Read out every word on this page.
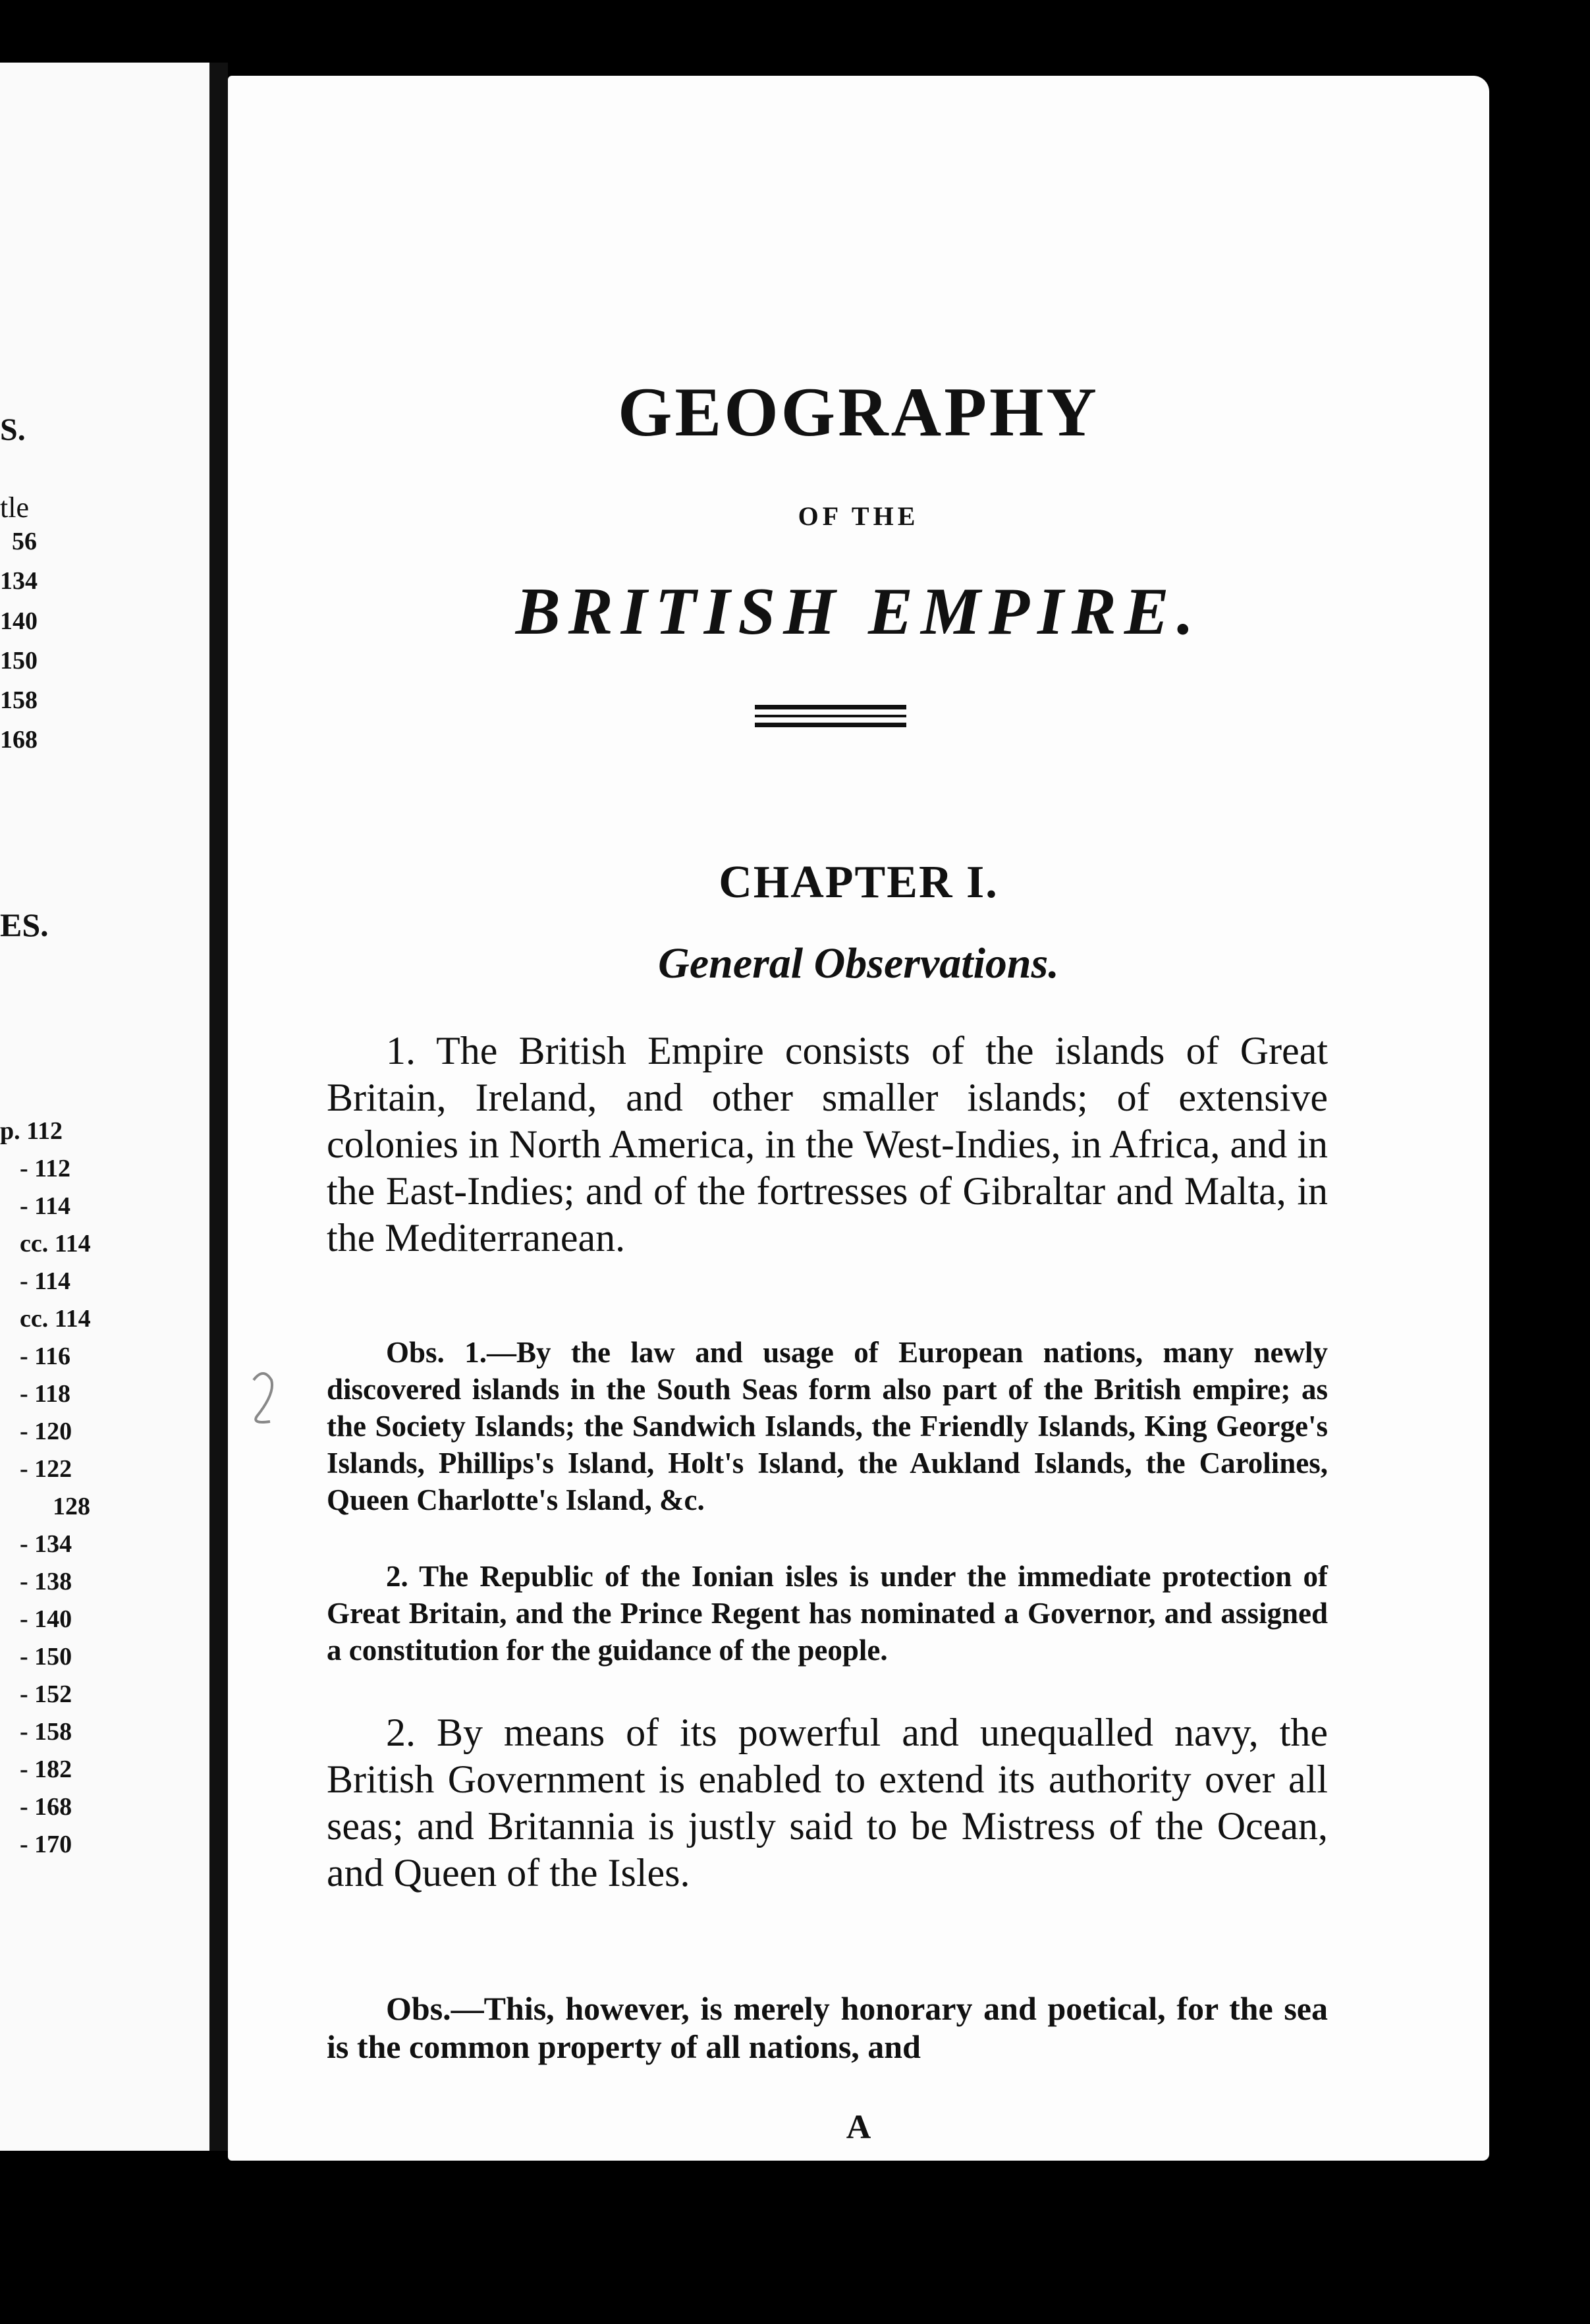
S.
tle
ES.
56
134
140
150
158
168
p. 112
- 112
- 114
cc. 114
- 114
cc. 114
- 116
- 118
- 120
- 122
128
- 134
- 138
- 140
- 150
- 152
- 158
- 182
- 168
- 170
GEOGRAPHY
OF THE
BRITISH EMPIRE.
CHAPTER I.
General Observations.
1. The British Empire consists of the islands of Great Britain, Ireland, and other smaller islands; of extensive colonies in North America, in the West-Indies, in Africa, and in the East-Indies; and of the fortresses of Gibraltar and Malta, in the Mediterranean.
Obs. 1.—By the law and usage of European nations, many newly discovered islands in the South Seas form also part of the British empire; as the Society Islands; the Sandwich Islands, the Friendly Islands, King George's Islands, Phillips's Island, Holt's Island, the Aukland Islands, the Carolines, Queen Charlotte's Island, &c.
2. The Republic of the Ionian isles is under the immediate protection of Great Britain, and the Prince Regent has nominated a Governor, and assigned a constitution for the guidance of the people.
2. By means of its powerful and unequalled navy, the British Government is enabled to extend its authority over all seas; and Britannia is justly said to be Mistress of the Ocean, and Queen of the Isles.
Obs.—This, however, is merely honorary and poetical, for the sea is the common property of all nations, and
A
